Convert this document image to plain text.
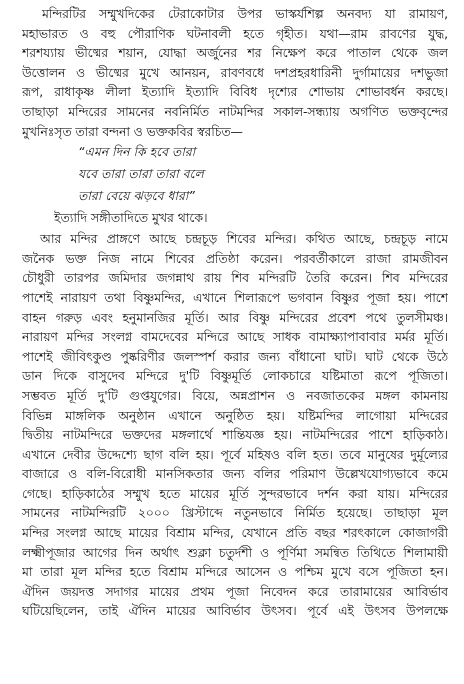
মন্দিরটির সম্মুখদিকের টেরাকোটার উপর ভাস্কর্যশিল্প অনবদ্য যা রামায়ণ,
মহাভারত ও বহু পৌরাণিক ঘটনাবলী হতে গৃহীত। যথা—রাম রাবণের যুদ্ধ,
শরশয্যায় ভীষ্মের শয়ান, যোদ্ধা অর্জুনের শর নিক্ষেপ করে পাতাল থেকে জল
উত্তোলন ও ভীষ্মের মুখে আনয়ন, রাবণবধে দশপ্রহরধারিনী দুর্গামায়ের দশভুজা
রূপ, রাধাকৃষ্ণ লীলা ইত্যাদি ইত্যাদি বিবিধ দৃশ্যের শোভায় শোভাবর্ধন করছে।
তাছাড়া মন্দিরের সামনের নবনির্মিত নাটমন্দির সকাল-সন্ধ্যায় অগণিত ভক্তবৃন্দের
মুখনিঃসৃত তারা বন্দনা ও ভক্তকবির স্বরচিত—
“এমন দিন কি হবে তারা
যবে তারা তারা তারা বলে
তারা বেয়ে ঝড়বে ধারা”
ইত্যাদি সঙ্গীতাদিতে মুখর থাকে।
আর মন্দির প্রাঙ্গণে আছে চন্দ্রচূড় শিবের মন্দির। কথিত আছে, চন্দ্রচূড় নামে
জনৈক ভক্ত নিজ নামে শিবের প্রতিষ্ঠা করেন। পরবর্তীকালে রাজা রামজীবন
চৌধুরী তারপর জমিদার জগন্নাথ রায় শিব মন্দিরটি তৈরি করেন। শিব মন্দিরের
পাশেই নারায়ণ তথা বিষ্ণুমন্দির, এখানে শিলারূপে ভগবান বিষ্ণুর পূজা হয়। পাশে
বাহন গরুড় এবং হনুমানজির মূর্তি। আর বিষ্ণু মন্দিরের প্রবেশ পথে তুলসীমঞ্চ।
নারায়ণ মন্দির সংলগ্ন বামদেবের মন্দিরে আছে সাধক বামাক্ষ্যাপাবাবার মর্মর মূর্তি।
পাশেই জীবিৎকুণ্ড পুষ্করিণীর জলস্পর্শ করার জন্য বাঁধানো ঘাট। ঘাট থেকে উঠে
ডান দিকে বাসুদেব মন্দিরে দু'টি বিষ্ণুমূর্তি লোকচারে যষ্টিমাতা রূপে পূজিতা।
সম্ভবত মূর্তি দু'টি গুপ্তযুগের। বিয়ে, অন্নপ্রাশন ও নবজাতকের মঙ্গল কামনায়
বিভিন্ন মাঙ্গলিক অনুষ্ঠান এখানে অনুষ্ঠিত হয়। যষ্টিমন্দির লাগোয়া মন্দিরের
দ্বিতীয় নাটমন্দিরে ভক্তদের মঙ্গলার্থে শান্তিযজ্ঞ হয়। নাটমন্দিরের পাশে হাড়িকাঠ।
এখানে দেবীর উদ্দেশ্যে ছাগ বলি হয়। পূর্বে মহিষও বলি হত। তবে মানুষের দুর্মূল্যের
বাজারে ও বলি-বিরোধী মানসিকতার জন্য বলির পরিমাণ উল্লেখযোগ্যভাবে কমে
গেছে। হাড়িকাঠের সম্মুখ হতে মায়ের মূর্তি সুন্দরভাবে দর্শন করা যায়। মন্দিরের
সামনের নাটমন্দিরটি ২০০০ খ্রিস্টাব্দে নতুনভাবে নির্মিত হয়েছে। তাছাড়া মূল
মন্দির সংলগ্ন আছে মায়ের বিশ্রাম মন্দির, যেখানে প্রতি বছর শরৎকালে কোজাগরী
লক্ষ্মীপূজার আগের দিন অর্থাৎ শুক্লা চতুর্দশী ও পূর্ণিমা সমন্বিত তিথিতে শিলামায়ী
মা তারা মূল মন্দির হতে বিশ্রাম মন্দিরে আসেন ও পশ্চিম মুখে বসে পূজিতা হন।
ঐদিন জয়দত্ত সদাগর মায়ের প্রথম পূজা নিবেদন করে তারামায়ের আবির্ভাব
ঘটিয়েছিলেন, তাই ঐদিন মায়ের আবির্ভাব উৎসব। পূর্বে এই উৎসব উপলক্ষে
